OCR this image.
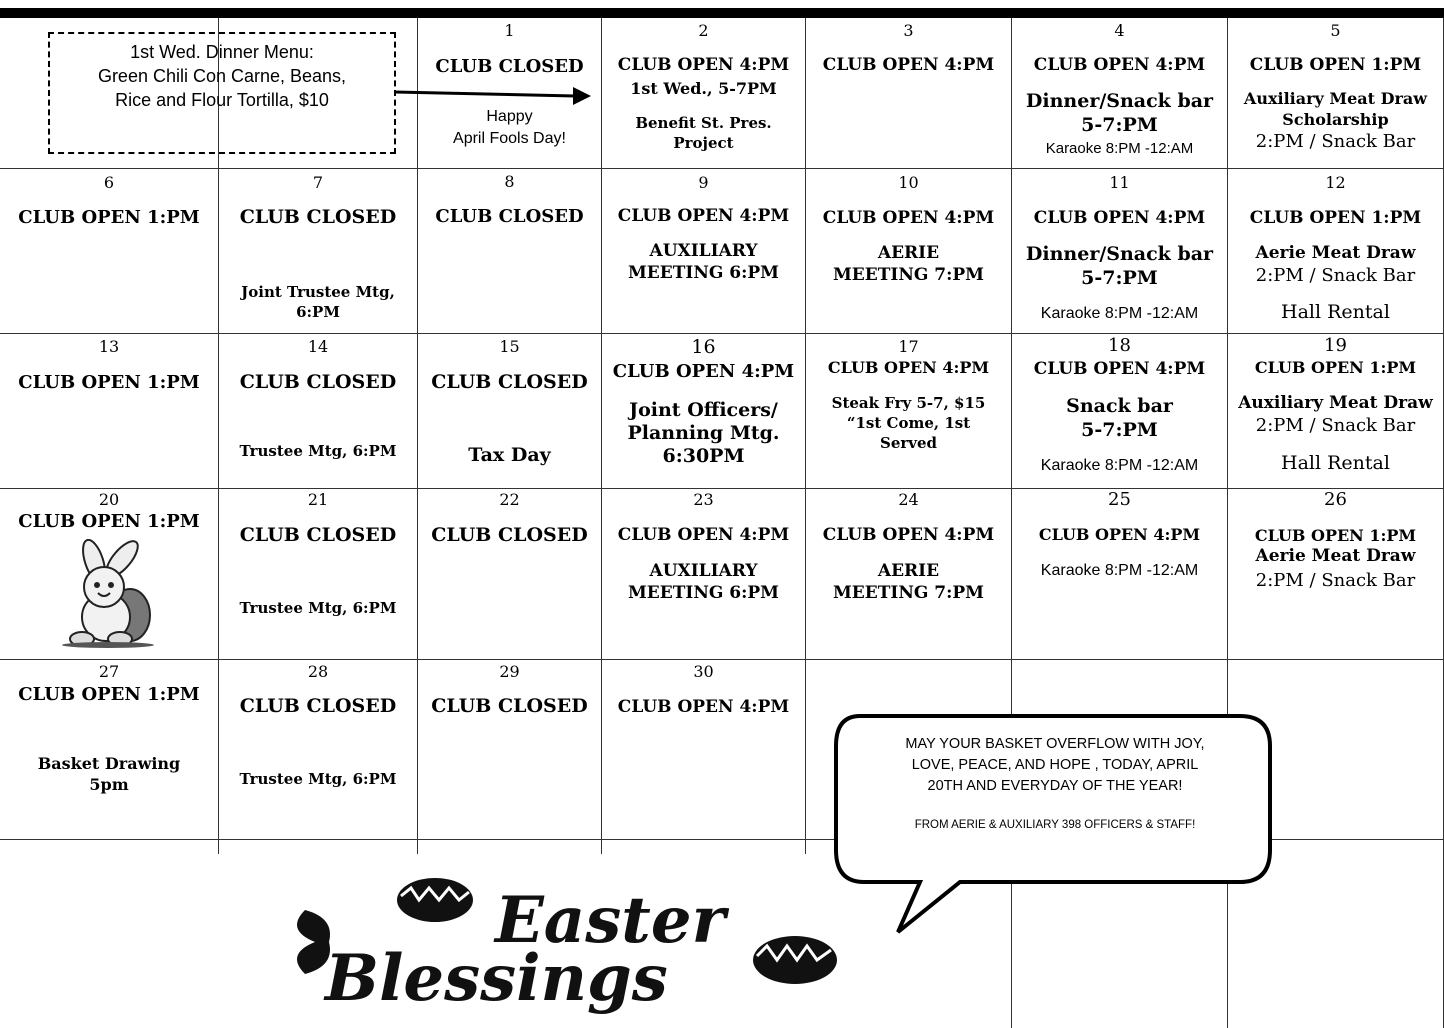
1st Wed. Dinner Menu:
Green Chili Con Carne, Beans,
Rice and Flour Tortilla, $10
1
CLUB CLOSED
Happy
April Fools Day!
2
CLUB OPEN 4:PM
1st Wed., 5-7PM
Benefit St. Pres.
Project
3
CLUB OPEN 4:PM
4
CLUB OPEN 4:PM
Dinner/Snack bar
5-7:PM
Karaoke 8:PM -12:AM
5
CLUB OPEN 1:PM
Auxiliary Meat Draw
Scholarship
2:PM / Snack Bar
6
CLUB OPEN 1:PM
7
CLUB CLOSED
Joint Trustee Mtg,
6:PM
8
CLUB CLOSED
9
CLUB OPEN 4:PM
AUXILIARY
MEETING 6:PM
10
CLUB OPEN 4:PM
AERIE
MEETING 7:PM
11
CLUB OPEN 4:PM
Dinner/Snack bar
5-7:PM
Karaoke 8:PM -12:AM
12
CLUB OPEN 1:PM
Aerie Meat Draw
2:PM / Snack Bar
Hall Rental
13
CLUB OPEN 1:PM
14
CLUB CLOSED
Trustee Mtg, 6:PM
15
CLUB CLOSED
Tax Day
16
CLUB OPEN 4:PM
Joint Officers/
Planning Mtg.
6:30PM
17
CLUB OPEN 4:PM
Steak Fry 5-7, $15
“1st Come, 1st
Served
18
CLUB OPEN 4:PM
Snack bar
5-7:PM
Karaoke 8:PM -12:AM
19
CLUB OPEN 1:PM
Auxiliary Meat Draw
2:PM / Snack Bar
Hall Rental
20
CLUB OPEN 1:PM
21
CLUB CLOSED
Trustee Mtg, 6:PM
22
CLUB CLOSED
23
CLUB OPEN 4:PM
AUXILIARY
MEETING 6:PM
24
CLUB OPEN 4:PM
AERIE
MEETING 7:PM
25
CLUB OPEN 4:PM
Karaoke 8:PM -12:AM
26
CLUB OPEN 1:PM
Aerie Meat Draw
2:PM / Snack Bar
27
CLUB OPEN 1:PM
Basket Drawing
5pm
28
CLUB CLOSED
Trustee Mtg, 6:PM
29
CLUB CLOSED
30
CLUB OPEN 4:PM
MAY YOUR BASKET OVERFLOW WITH JOY,
LOVE, PEACE, AND HOPE , TODAY, APRIL
20TH AND EVERYDAY OF THE YEAR!
FROM AERIE & AUXILIARY 398 OFFICERS & STAFF!
Easter
Blessings
